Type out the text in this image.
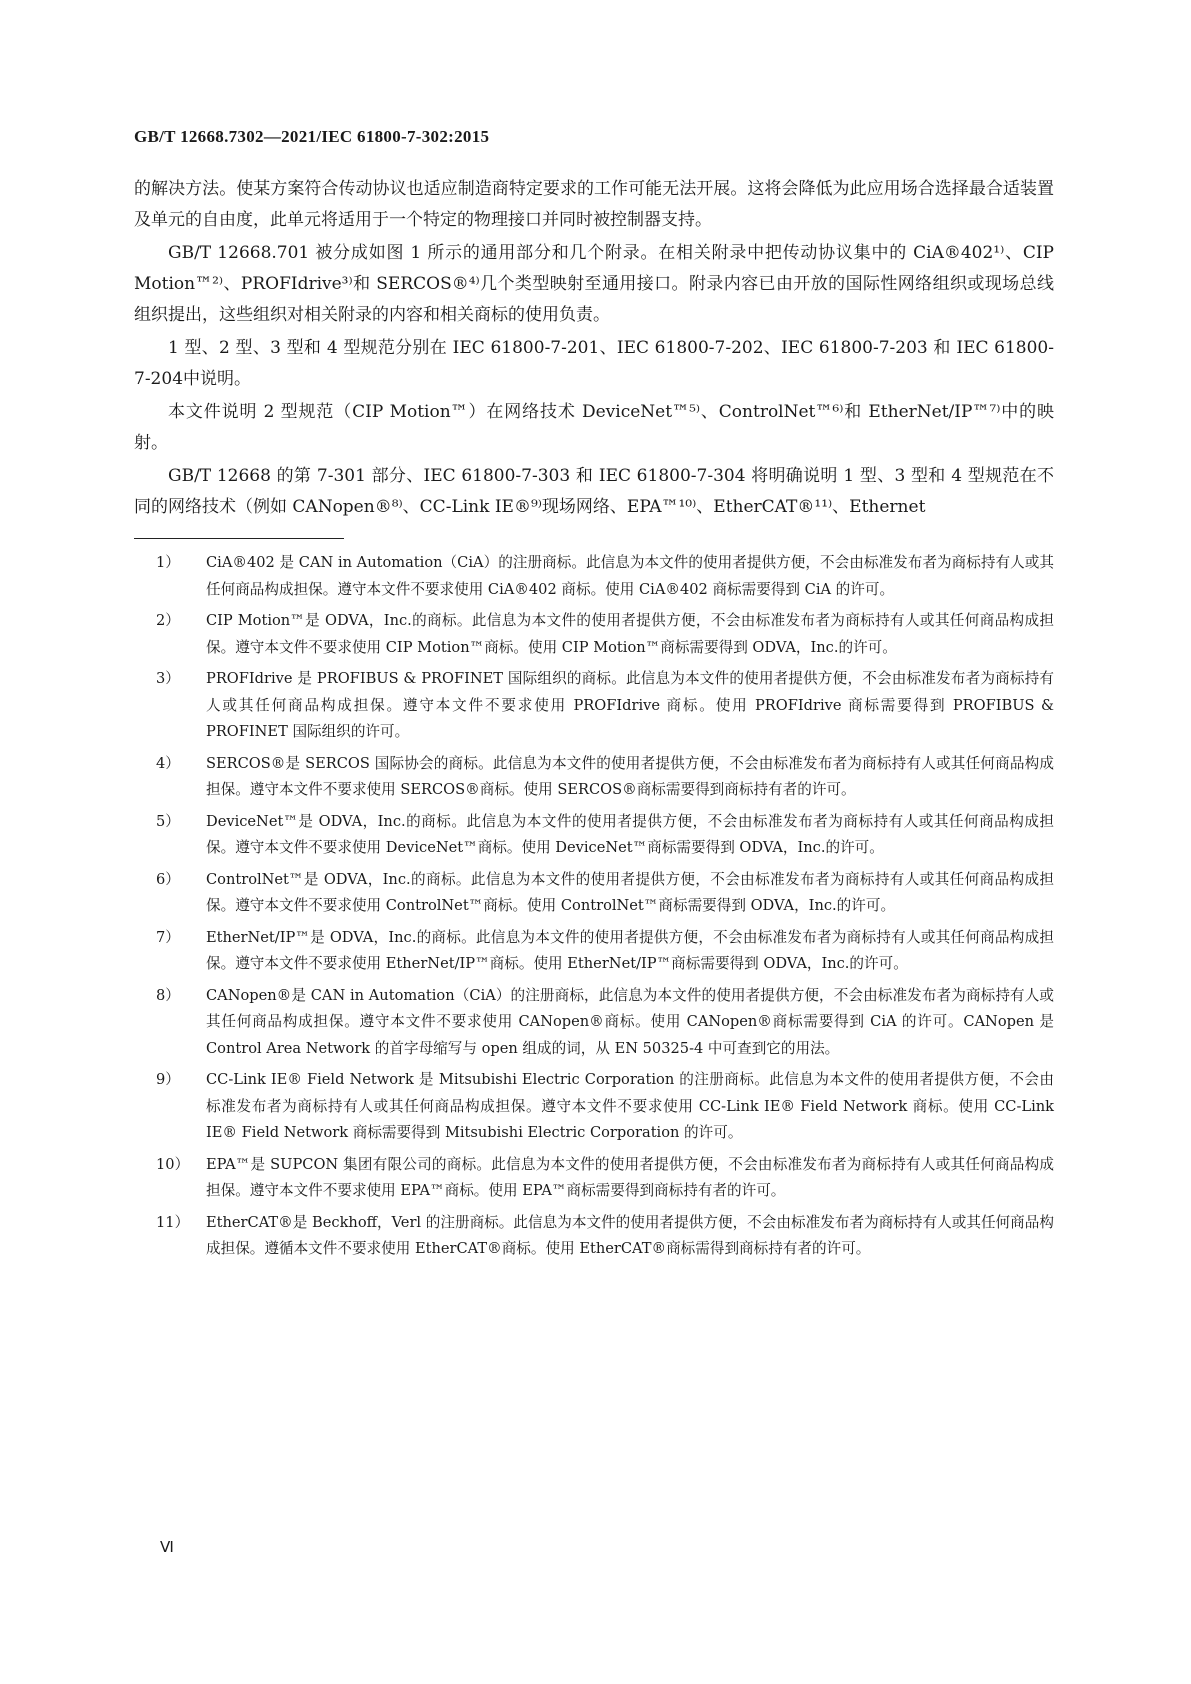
GB/T 12668.7302—2021/IEC 61800-7-302:2015

的解决方法。使某方案符合传动协议也适应制造商特定要求的工作可能无法开展。这将会降低为此应用场合选择最合适装置及单元的自由度，此单元将适用于一个特定的物理接口并同时被控制器支持。

GB/T 12668.701 被分成如图 1 所示的通用部分和几个附录。在相关附录中把传动协议集中的 CiA®402¹⁾、CIP Motion™²⁾、PROFIdrive³⁾和 SERCOS®⁴⁾几个类型映射至通用接口。附录内容已由开放的国际性网络组织或现场总线组织提出，这些组织对相关附录的内容和相关商标的使用负责。

1 型、2 型、3 型和 4 型规范分别在 IEC 61800-7-201、IEC 61800-7-202、IEC 61800-7-203 和 IEC 61800-7-204中说明。

本文件说明 2 型规范（CIP Motion™）在网络技术 DeviceNet™⁵⁾、ControlNet™⁶⁾和 EtherNet/IP™⁷⁾中的映射。

GB/T 12668 的第 7-301 部分、IEC 61800-7-303 和 IEC 61800-7-304 将明确说明 1 型、3 型和 4 型规范在不同的网络技术（例如 CANopen®⁸⁾、CC-Link IE®⁹⁾现场网络、EPA™¹⁰⁾、EtherCAT®¹¹⁾、Ethernet

1）	CiA®402 是 CAN in Automation（CiA）的注册商标。此信息为本文件的使用者提供方便，不会由标准发布者为商标持有人或其任何商品构成担保。遵守本文件不要求使用 CiA®402 商标。使用 CiA®402 商标需要得到 CiA 的许可。
2）	CIP Motion™是 ODVA，Inc.的商标。此信息为本文件的使用者提供方便，不会由标准发布者为商标持有人或其任何商品构成担保。遵守本文件不要求使用 CIP Motion™商标。使用 CIP Motion™商标需要得到 ODVA，Inc.的许可。
3）	PROFIdrive 是 PROFIBUS & PROFINET 国际组织的商标。此信息为本文件的使用者提供方便，不会由标准发布者为商标持有人或其任何商品构成担保。遵守本文件不要求使用 PROFIdrive 商标。使用 PROFIdrive 商标需要得到 PROFIBUS & PROFINET 国际组织的许可。
4）	SERCOS®是 SERCOS 国际协会的商标。此信息为本文件的使用者提供方便，不会由标准发布者为商标持有人或其任何商品构成担保。遵守本文件不要求使用 SERCOS®商标。使用 SERCOS®商标需要得到商标持有者的许可。
5）	DeviceNet™是 ODVA，Inc.的商标。此信息为本文件的使用者提供方便，不会由标准发布者为商标持有人或其任何商品构成担保。遵守本文件不要求使用 DeviceNet™商标。使用 DeviceNet™商标需要得到 ODVA，Inc.的许可。
6）	ControlNet™是 ODVA，Inc.的商标。此信息为本文件的使用者提供方便，不会由标准发布者为商标持有人或其任何商品构成担保。遵守本文件不要求使用 ControlNet™商标。使用 ControlNet™商标需要得到 ODVA，Inc.的许可。
7）	EtherNet/IP™是 ODVA，Inc.的商标。此信息为本文件的使用者提供方便，不会由标准发布者为商标持有人或其任何商品构成担保。遵守本文件不要求使用 EtherNet/IP™商标。使用 EtherNet/IP™商标需要得到 ODVA，Inc.的许可。
8）	CANopen®是 CAN in Automation（CiA）的注册商标，此信息为本文件的使用者提供方便，不会由标准发布者为商标持有人或其任何商品构成担保。遵守本文件不要求使用 CANopen®商标。使用 CANopen®商标需要得到 CiA 的许可。CANopen 是 Control Area Network 的首字母缩写与 open 组成的词，从 EN 50325-4 中可查到它的用法。
9）	CC-Link IE® Field Network 是 Mitsubishi Electric Corporation 的注册商标。此信息为本文件的使用者提供方便，不会由标准发布者为商标持有人或其任何商品构成担保。遵守本文件不要求使用 CC-Link IE® Field Network 商标。使用 CC-Link IE® Field Network 商标需要得到 Mitsubishi Electric Corporation 的许可。
10）	EPA™是 SUPCON 集团有限公司的商标。此信息为本文件的使用者提供方便，不会由标准发布者为商标持有人或其任何商品构成担保。遵守本文件不要求使用 EPA™商标。使用 EPA™商标需要得到商标持有者的许可。
11）	EtherCAT®是 Beckhoff，Verl 的注册商标。此信息为本文件的使用者提供方便，不会由标准发布者为商标持有人或其任何商品构成担保。遵循本文件不要求使用 EtherCAT®商标。使用 EtherCAT®商标需得到商标持有者的许可。
Ⅵ
